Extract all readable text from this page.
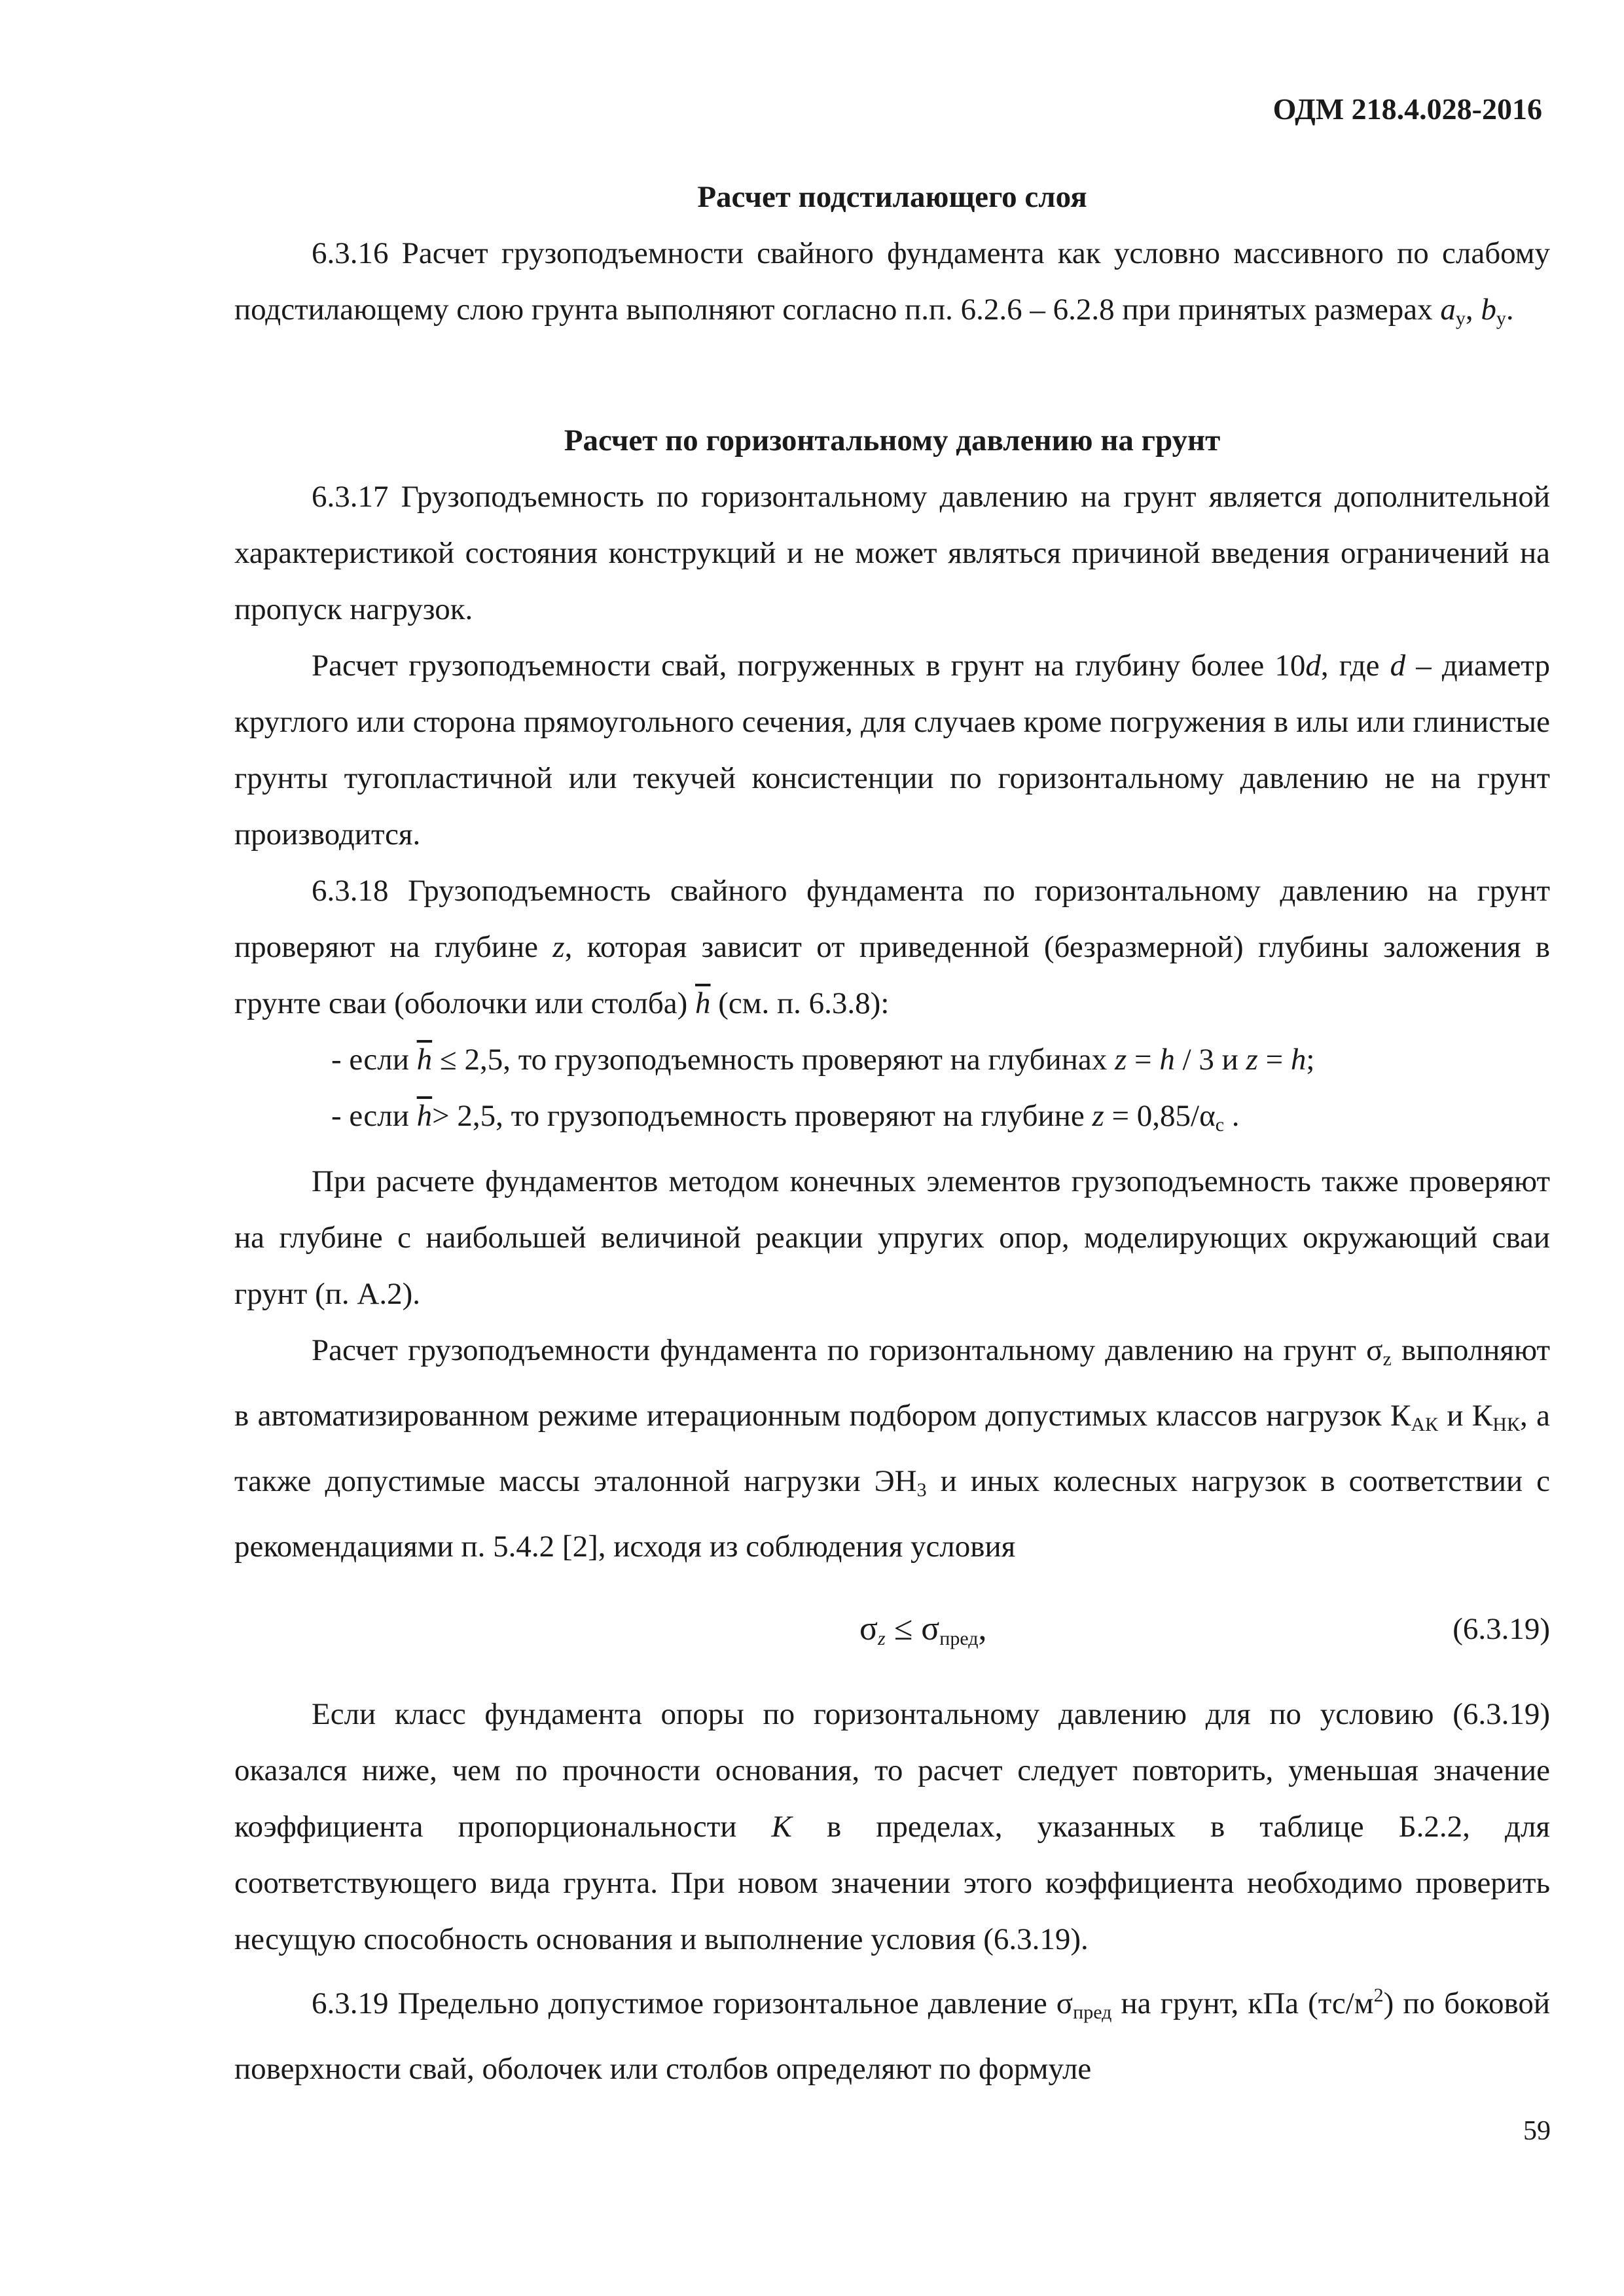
ОДМ 218.4.028-2016
Расчет подстилающего слоя

6.3.16 Расчет грузоподъемности свайного фундамента как условно массивного по слабому подстилающему слою грунта выполняют согласно п.п. 6.2.6 – 6.2.8 при принятых размерах $a_у$, $b_у$.

Расчет по горизонтальному давлению на грунт

6.3.17 Грузоподъемность по горизонтальному давлению на грунт является дополнительной характеристикой состояния конструкций и не может являться причиной введения ограничений на пропуск нагрузок.

Расчет грузоподъемности свай, погруженных в грунт на глубину более 10d, где d – диаметр круглого или сторона прямоугольного сечения, для случаев кроме погружения в илы или глинистые грунты тугопластичной или текучей консистенции по горизонтальному давлению не на грунт производится.

6.3.18 Грузоподъемность свайного фундамента по горизонтальному давлению на грунт проверяют на глубине z, которая зависит от приведенной (безразмерной) глубины заложения в грунте сваи (оболочки или столба) $\overline{h}$ (см. п. 6.3.8):

- если $\overline{h} \le 2,5$, то грузоподъемность проверяют на глубинах z = h / 3 и z = h;

- если $\overline{h}> 2,5$, то грузоподъемность проверяют на глубине $z = 0,85/\alpha_c$ .

При расчете фундаментов методом конечных элементов грузоподъемность также проверяют на глубине с наибольшей величиной реакции упругих опор, моделирующих окружающий сваи грунт (п. А.2).

Расчет грузоподъемности фундамента по горизонтальному давлению на грунт $\sigma_z$ выполняют в автоматизированном режиме итерационным подбором допустимых классов нагрузок $К_{АК}$ и $К_{НК}$, а также допустимые массы эталонной нагрузки $ЭН_3$ и иных колесных нагрузок в соответствии с рекомендациями п. 5.4.2 [2], исходя из соблюдения условия

$\sigma_z \le \sigma_{пред}$,	(6.3.19)

Если класс фундамента опоры по горизонтальному давлению для по условию (6.3.19) оказался ниже, чем по прочности основания, то расчет следует повторить, уменьшая значение коэффициента пропорциональности K в пределах, указанных в таблице Б.2.2, для соответствующего вида грунта. При новом значении этого коэффициента необходимо проверить несущую способность основания и выполнение условия (6.3.19).

6.3.19 Предельно допустимое горизонтальное давление $\sigma_{пред}$ на грунт, кПа $(тс/м^2)$ по боковой поверхности свай, оболочек или столбов определяют по формуле

59
